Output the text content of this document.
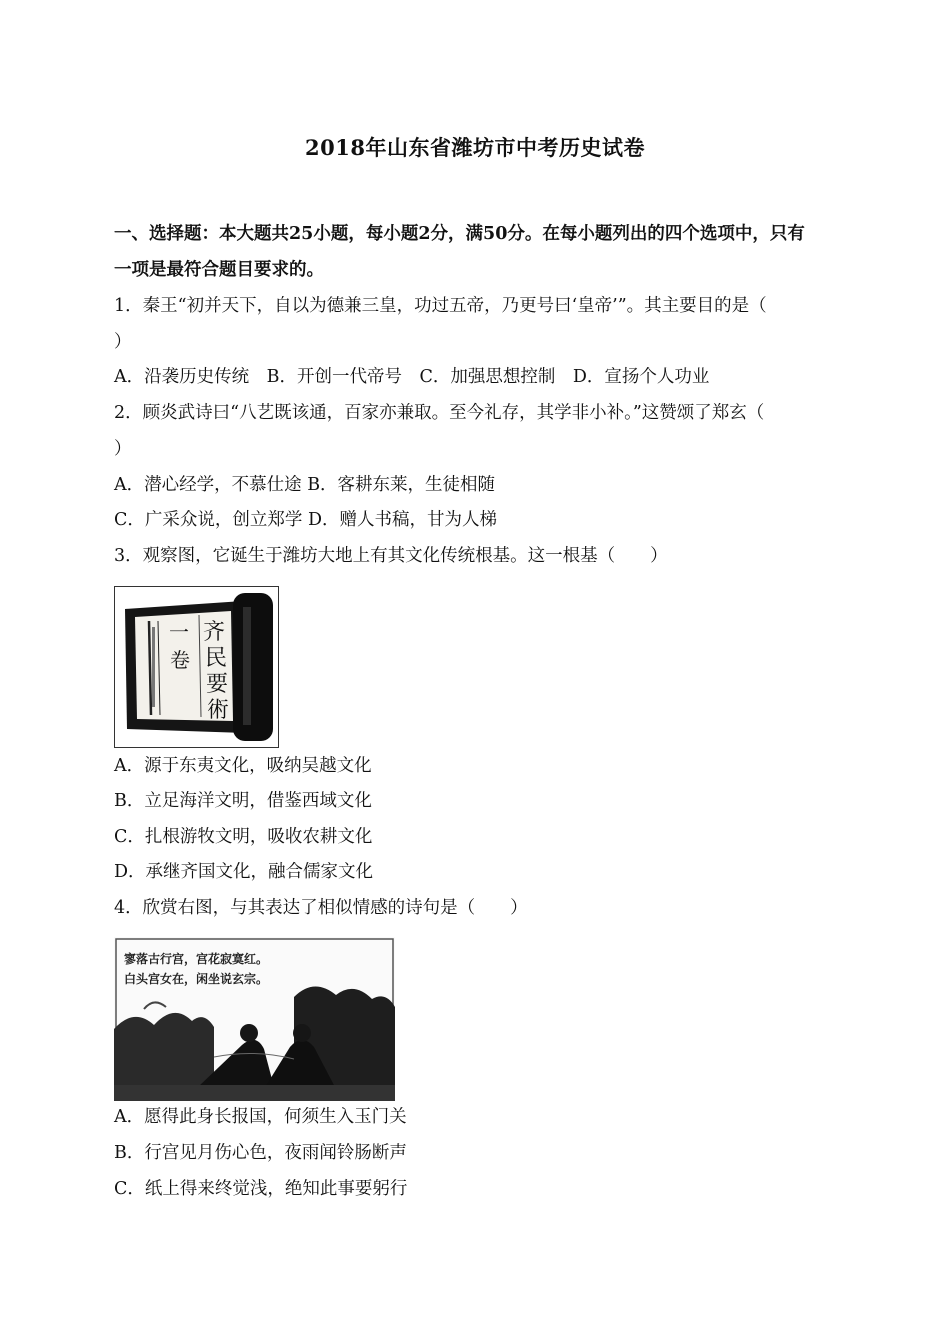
2018年山东省潍坊市中考历史试卷
一、选择题：本大题共25小题，每小题2分，满50分。在每小题列出的四个选项中，只有
一项是最符合题目要求的。
1．秦王“初并天下，自以为德兼三皇，功过五帝，乃更号曰‘皇帝’”。其主要目的是（
）
A．沿袭历史传统　B．开创一代帝号　C．加强思想控制　D．宣扬个人功业
2．顾炎武诗曰“八艺既该通，百家亦兼取。至今礼存，其学非小补。”这赞颂了郑玄（
）
A．潜心经学，不慕仕途 B．客耕东莱，生徒相随
C．广采众说，创立郑学 D．赠人书稿，甘为人梯
3．观察图，它诞生于潍坊大地上有其文化传统根基。这一根基（　　）
齐
民
要
術
一
卷
A．源于东夷文化，吸纳吴越文化
B．立足海洋文明，借鉴西域文化
C．扎根游牧文明，吸收农耕文化
D．承继齐国文化，融合儒家文化
4．欣赏右图，与其表达了相似情感的诗句是（　　）
寥落古行宫，宫花寂寞红。
白头宫女在，闲坐说玄宗。
A．愿得此身长报国，何须生入玉门关
B．行宫见月伤心色，夜雨闻铃肠断声
C．纸上得来终觉浅，绝知此事要躬行
